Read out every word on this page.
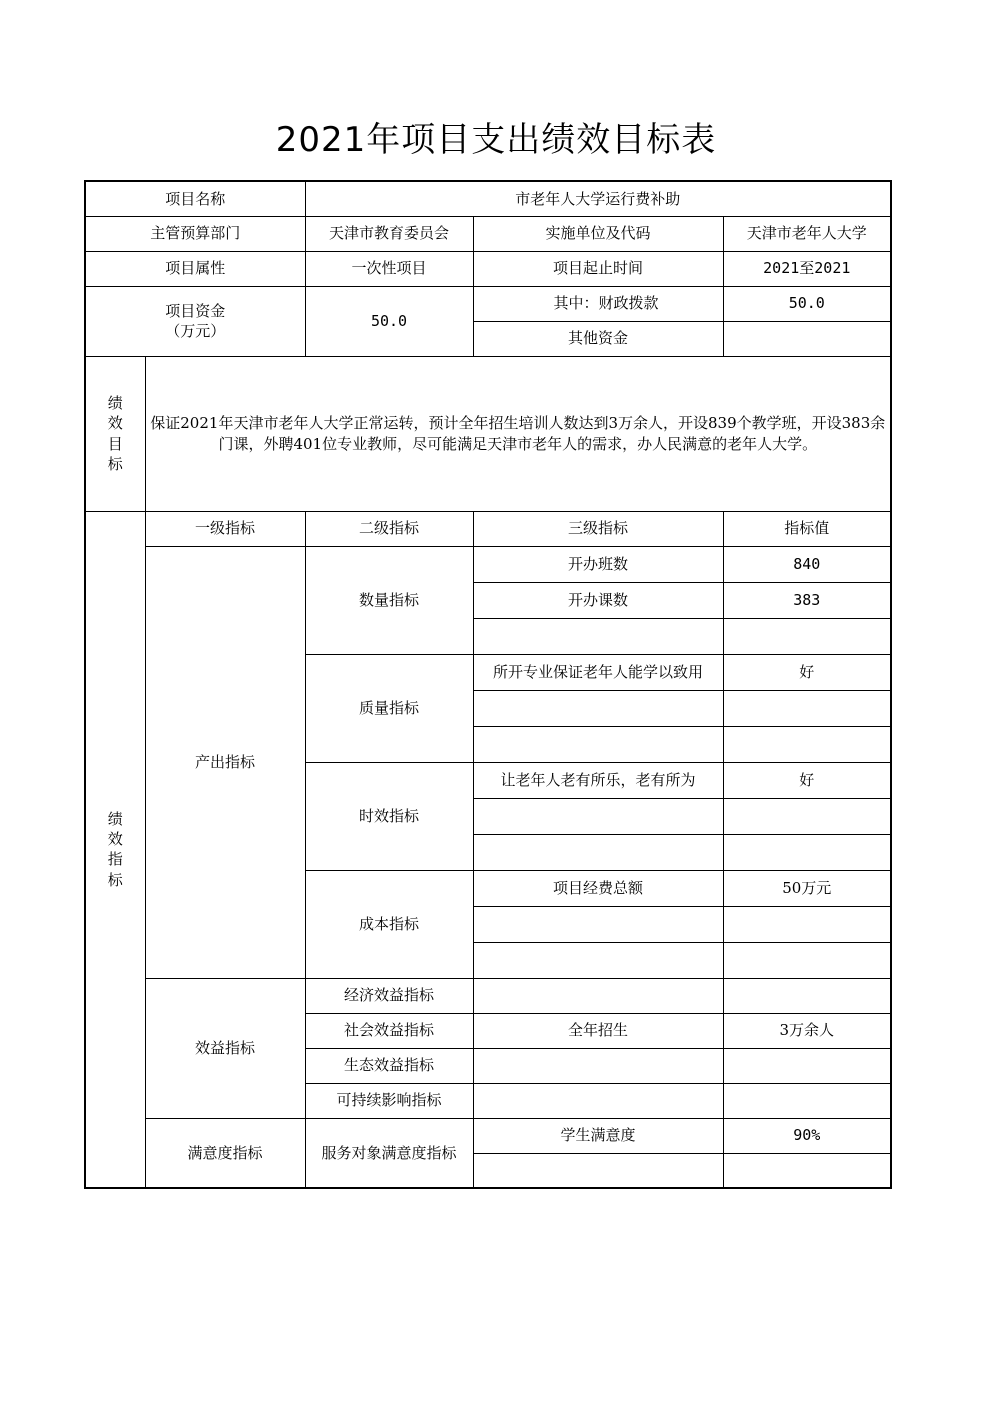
2021年项目支出绩效目标表
项目名称		市老年人大学运行费补助		
主管预算部门		天津市教育委员会	实施单位及代码	天津市老年人大学
项目属性		一次性项目	项目起止时间	2021至2021

项目资金
（万元）		50.0	其中：财政拨款	50.0
			其他资金	

绩
效
目
标	保证2021年天津市老年人大学正常运转，预计全年招生培训人数达到3万余人，开设839个教学班，开设383余门课，外聘401位专业教师，尽可能满足天津市老年人的需求，办人民满意的老年人大学。			

绩
效
指
标	一级指标	二级指标	三级指标	指标值
	产出指标	数量指标	开办班数	840
			开办课数	383

		质量指标	所开专业保证老年人能学以致用	好

		时效指标	让老年人老有所乐，老有所为	好

		成本指标	项目经费总额	50万元

	效益指标	经济效益指标		
		社会效益指标	全年招生	3万余人
		生态效益指标		
		可持续影响指标		
	满意度指标	服务对象满意度指标	学生满意度	90%
